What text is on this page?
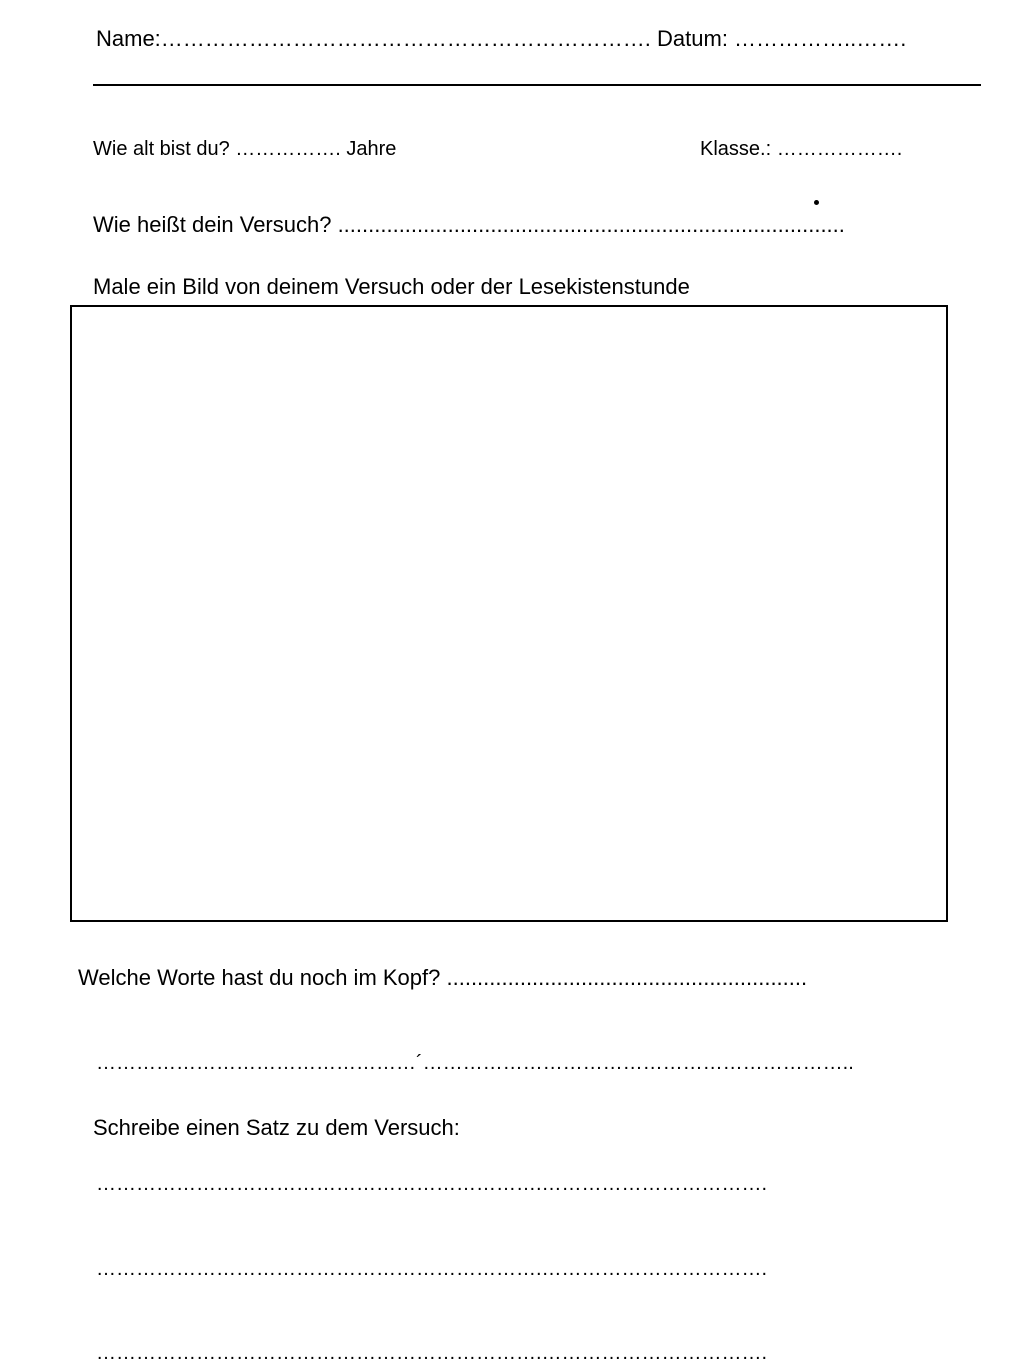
Name:…………………………………………………………. Datum: ……………..…….
Wie alt bist du? ……………. Jahre	Klasse.: ……………….
Wie heißt dein Versuch? ...................................................................................
Male ein Bild von deinem Versuch oder der Lesekistenstunde
Welche Worte hast du noch im Kopf? ...........................................................
…………………………………………´………………………………………………………..
Schreibe einen Satz zu dem Versuch:
………………………………………………………….…………………………….
………………………………………………………….…………………………….
………………………………………………………….…………………………….
